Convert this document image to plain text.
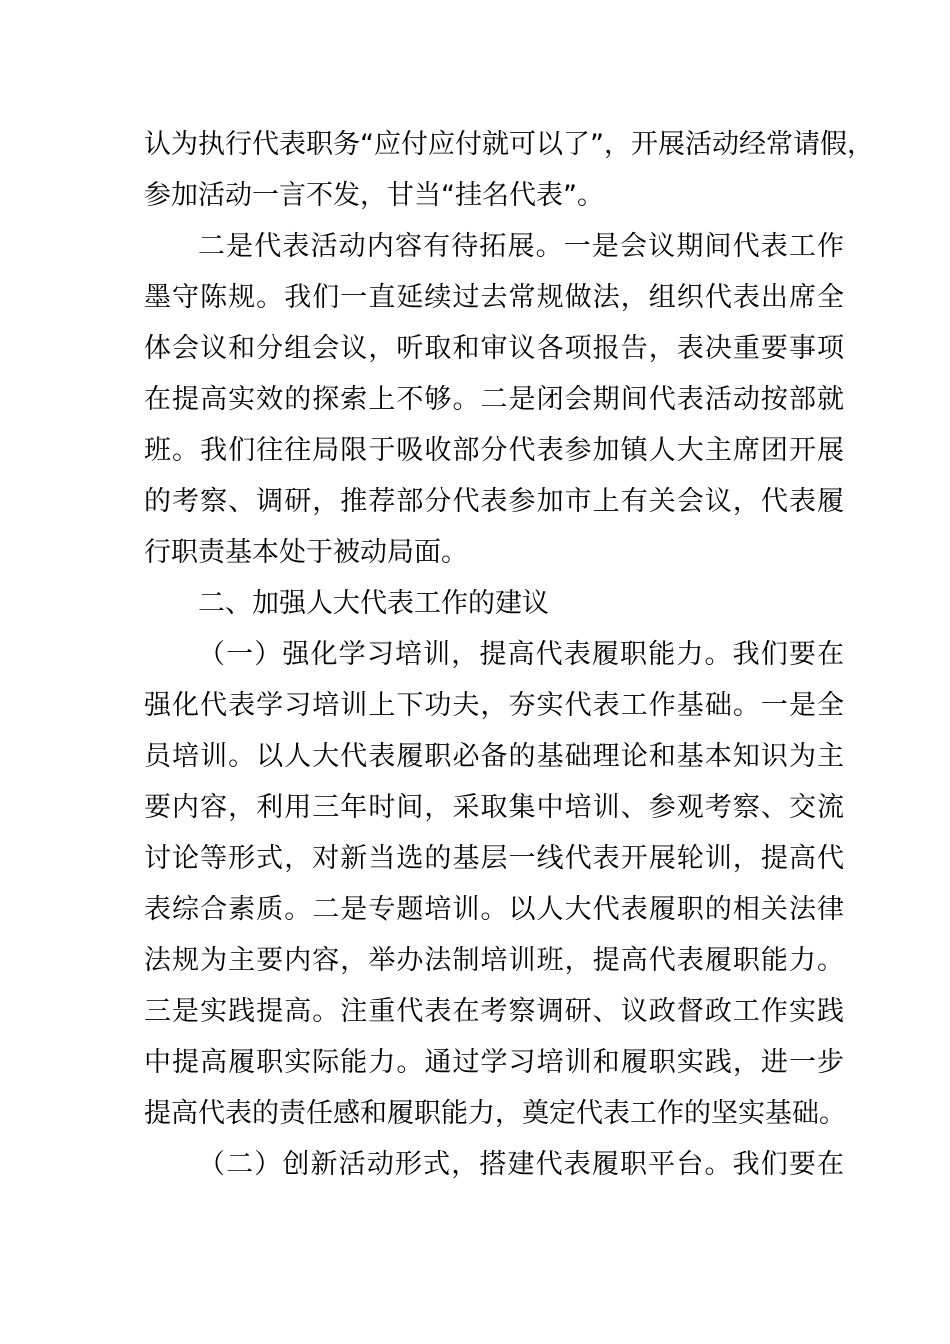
认为执行代表职务“应付应付就可以了”，开展活动经常请假，
参加活动一言不发，甘当“挂名代表”。
二是代表活动内容有待拓展。一是会议期间代表工作
墨守陈规。我们一直延续过去常规做法，组织代表出席全
体会议和分组会议，听取和审议各项报告，表决重要事项
在提高实效的探索上不够。二是闭会期间代表活动按部就
班。我们往往局限于吸收部分代表参加镇人大主席团开展
的考察、调研，推荐部分代表参加市上有关会议，代表履
行职责基本处于被动局面。
二、加强人大代表工作的建议
（一）强化学习培训，提高代表履职能力。我们要在
强化代表学习培训上下功夫，夯实代表工作基础。一是全
员培训。以人大代表履职必备的基础理论和基本知识为主
要内容，利用三年时间，采取集中培训、参观考察、交流
讨论等形式，对新当选的基层一线代表开展轮训，提高代
表综合素质。二是专题培训。以人大代表履职的相关法律
法规为主要内容，举办法制培训班，提高代表履职能力。
三是实践提高。注重代表在考察调研、议政督政工作实践
中提高履职实际能力。通过学习培训和履职实践，进一步
提高代表的责任感和履职能力，奠定代表工作的坚实基础。
（二）创新活动形式，搭建代表履职平台。我们要在
